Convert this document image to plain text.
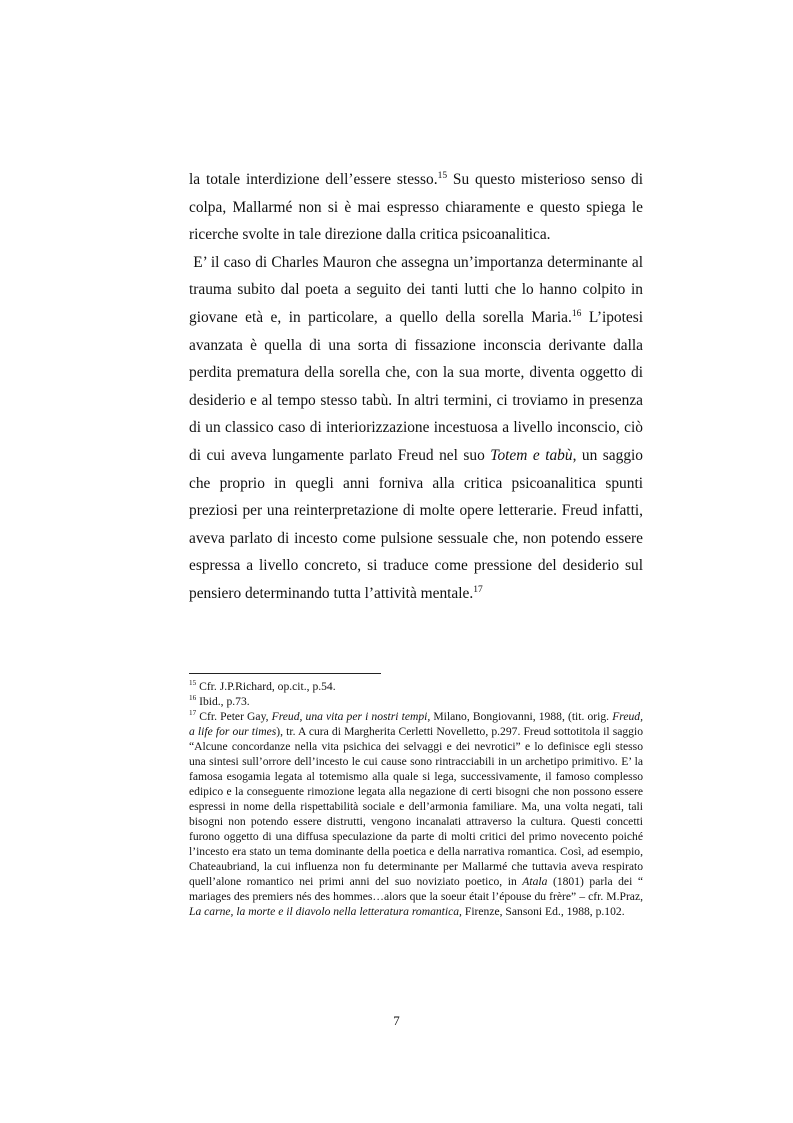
la totale interdizione dell’essere stesso.$^{15}$ Su questo misterioso senso di colpa, Mallarmé non si è mai espresso chiaramente e questo spiega le ricerche svolte in tale direzione dalla critica psicoanalitica.

E’ il caso di Charles Mauron che assegna un’importanza determinante al trauma subito dal poeta a seguito dei tanti lutti che lo hanno colpito in giovane età e, in particolare, a quello della sorella Maria.$^{16}$ L’ipotesi avanzata è quella di una sorta di fissazione inconscia derivante dalla perdita prematura della sorella che, con la sua morte, diventa oggetto di desiderio e al tempo stesso tabù. In altri termini, ci troviamo in presenza di un classico caso di interiorizzazione incestuosa a livello inconscio, ciò di cui aveva lungamente parlato Freud nel suo Totem e tabù, un saggio che proprio in quegli anni forniva alla critica psicoanalitica spunti preziosi per una reinterpretazione di molte opere letterarie. Freud infatti, aveva parlato di incesto come pulsione sessuale che, non potendo essere espressa a livello concreto, si traduce come pressione del desiderio sul pensiero determinando tutta l’attività mentale.$^{17}$

$^{15}$ Cfr. J.P.Richard, op.cit., p.54.

$^{16}$ Ibid., p.73.

$^{17}$ Cfr. Peter Gay, Freud, una vita per i nostri tempi, Milano, Bongiovanni, 1988, (tit. orig. Freud, a life for our times), tr. A cura di Margherita Cerletti Novelletto, p.297. Freud sottotitola il saggio “Alcune concordanze nella vita psichica dei selvaggi e dei nevrotici” e lo definisce egli stesso una sintesi sull’orrore dell’incesto le cui cause sono rintracciabili in un archetipo primitivo. E’ la famosa esogamia legata al totemismo alla quale si lega, successivamente, il famoso complesso edipico e la conseguente rimozione legata alla negazione di certi bisogni che non possono essere espressi in nome della rispettabilità sociale e dell’armonia familiare. Ma, una volta negati, tali bisogni non potendo essere distrutti, vengono incanalati attraverso la cultura. Questi concetti furono oggetto di una diffusa speculazione da parte di molti critici del primo novecento poiché l’incesto era stato un tema dominante della poetica e della narrativa romantica. Così, ad esempio, Chateaubriand, la cui influenza non fu determinante per Mallarmé che tuttavia aveva respirato quell’alone romantico nei primi anni del suo noviziato poetico, in Atala (1801) parla dei “ mariages des premiers nés des hommes…alors que la soeur était l’épouse du frère” – cfr. M.Praz, La carne, la morte e il diavolo nella letteratura romantica, Firenze, Sansoni Ed., 1988, p.102.

7
